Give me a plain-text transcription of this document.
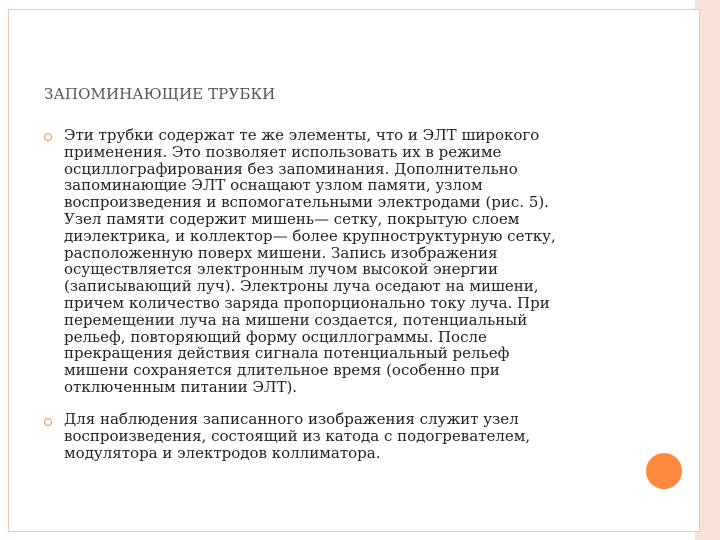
ЗАПОМИНАЮЩИЕ ТРУБКИ

Эти трубки содержат те же элементы, что и ЭЛТ широкого
применения. Это позволяет использовать их в режиме
осциллографирования без запоминания. Дополнительно
запоминающие ЭЛТ оснащают узлом памяти, узлом
воспроизведения и вспомогательными электродами (рис. 5).
Узел памяти содержит мишень— сетку, покрытую слоем
диэлектрика, и коллектор— более крупноструктурную сетку,
расположенную поверх мишени. Запись изображения
осуществляется электронным лучом высокой энергии
(записывающий луч). Электроны луча оседают на мишени,
причем количество заряда пропорционально току луча. При
перемещении луча на мишени создается, потенциальный
рельеф, повторяющий форму осциллограммы. После
прекращения действия сигнала потенциальный рельеф
мишени сохраняется длительное время (особенно при
отключенным питании ЭЛТ).

Для наблюдения записанного изображения служит узел
воспроизведения, состоящий из катода с подогревателем,
модулятора и электродов коллиматора.
